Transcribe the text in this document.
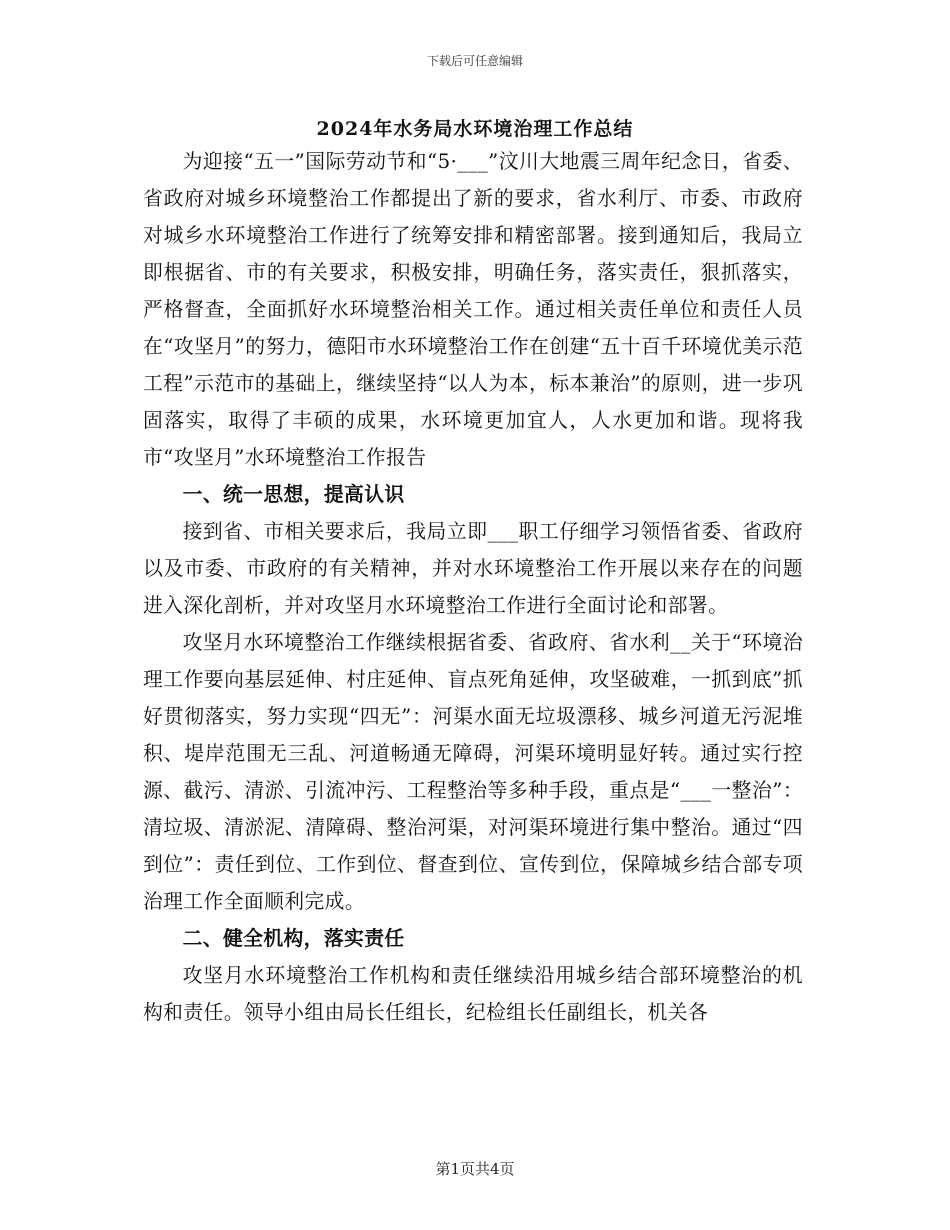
下载后可任意编辑
2024年水务局水环境治理工作总结

为迎接“五一”国际劳动节和“5·___”汶川大地震三周年纪念日，省委、省政府对城乡环境整治工作都提出了新的要求，省水利厅、市委、市政府对城乡水环境整治工作进行了统筹安排和精密部署。接到通知后，我局立即根据省、市的有关要求，积极安排，明确任务，落实责任，狠抓落实，严格督查，全面抓好水环境整治相关工作。通过相关责任单位和责任人员在“攻坚月”的努力，德阳市水环境整治工作在创建“五十百千环境优美示范工程”示范市的基础上，继续坚持“以人为本，标本兼治”的原则，进一步巩固落实，取得了丰硕的成果，水环境更加宜人，人水更加和谐。现将我市“攻坚月”水环境整治工作报告

一、统一思想，提高认识

接到省、市相关要求后，我局立即___职工仔细学习领悟省委、省政府以及市委、市政府的有关精神，并对水环境整治工作开展以来存在的问题进入深化剖析，并对攻坚月水环境整治工作进行全面讨论和部署。

攻坚月水环境整治工作继续根据省委、省政府、省水利__关于“环境治理工作要向基层延伸、村庄延伸、盲点死角延伸，攻坚破难，一抓到底”抓好贯彻落实，努力实现“四无”：河渠水面无垃圾漂移、城乡河道无污泥堆积、堤岸范围无三乱、河道畅通无障碍，河渠环境明显好转。通过实行控源、截污、清淤、引流冲污、工程整治等多种手段，重点是“___一整治”：清垃圾、清淤泥、清障碍、整治河渠，对河渠环境进行集中整治。通过“四到位”：责任到位、工作到位、督查到位、宣传到位，保障城乡结合部专项治理工作全面顺利完成。

二、健全机构，落实责任

攻坚月水环境整治工作机构和责任继续沿用城乡结合部环境整治的机构和责任。领导小组由局长任组长，纪检组长任副组长，机关各

第1页共4页
